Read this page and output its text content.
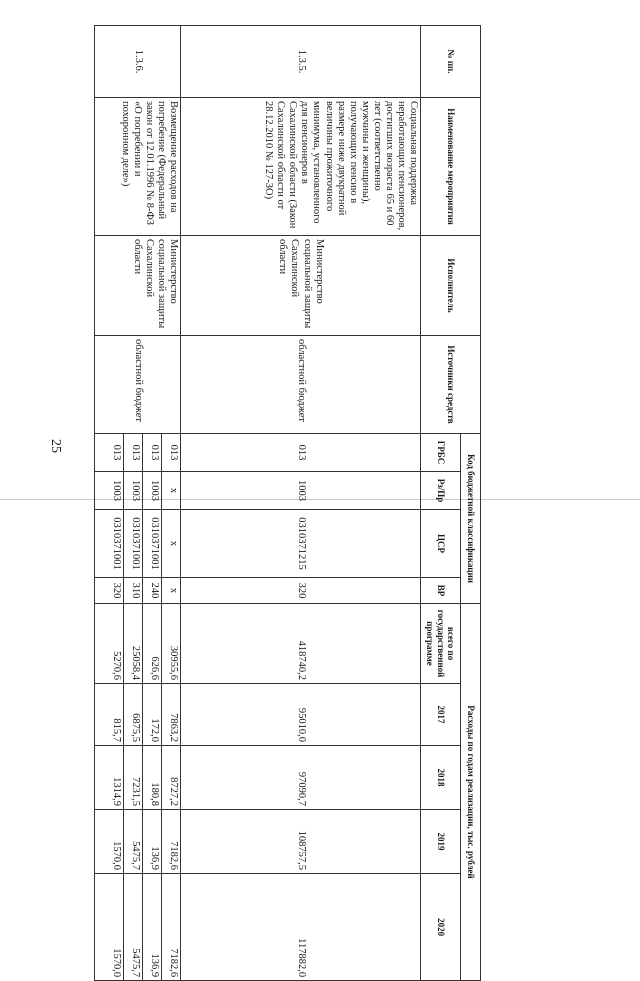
25
№ пп.	Наименование мероприятия	Исполнитель	Источники средств	Код бюджетной классификации				Расходы по годам реализации, тыс. рублей				
				ГРБС	Рз/Пр	ЦСР	ВР	всего по государственной программе	2017	2018	2019	2020
1.3.5.	Социальная поддержка неработающих пенсионеров, достигших возраста 65 и 60 лет (соответственно мужчины и женщины), получающих пенсию в размере ниже двукратной величины прожиточного минимума, установленного для пенсионеров в Сахалинской области (Закон Сахалинской области от 28.12.2010 № 127-ЗО)	Министерство социальной защиты Сахалинской области	областной бюджет	013	1003	0310371215	320	418740,2	95010,0	97090,7	108757,5	117882,0
1.3.6.	Возмещение расходов на погребение (Федеральный закон от 12.01.1996 № 8-ФЗ «О погребении и похоронном деле»)	Министерство социальной защиты Сахалинской области	областной бюджет	013	х	х	х	30955,6	7863,2	8727,2	7182,6	7182,6
				013	1003	0310371001	240	626,6	172,0	180,8	136,9	136,9
				013	1003	0310371001	310	25058,4	6875,5	7231,5	5475,7	5475,7
				013	1003	0310371001	320	5270,6	815,7	1314,9	1570,0	1570,0
